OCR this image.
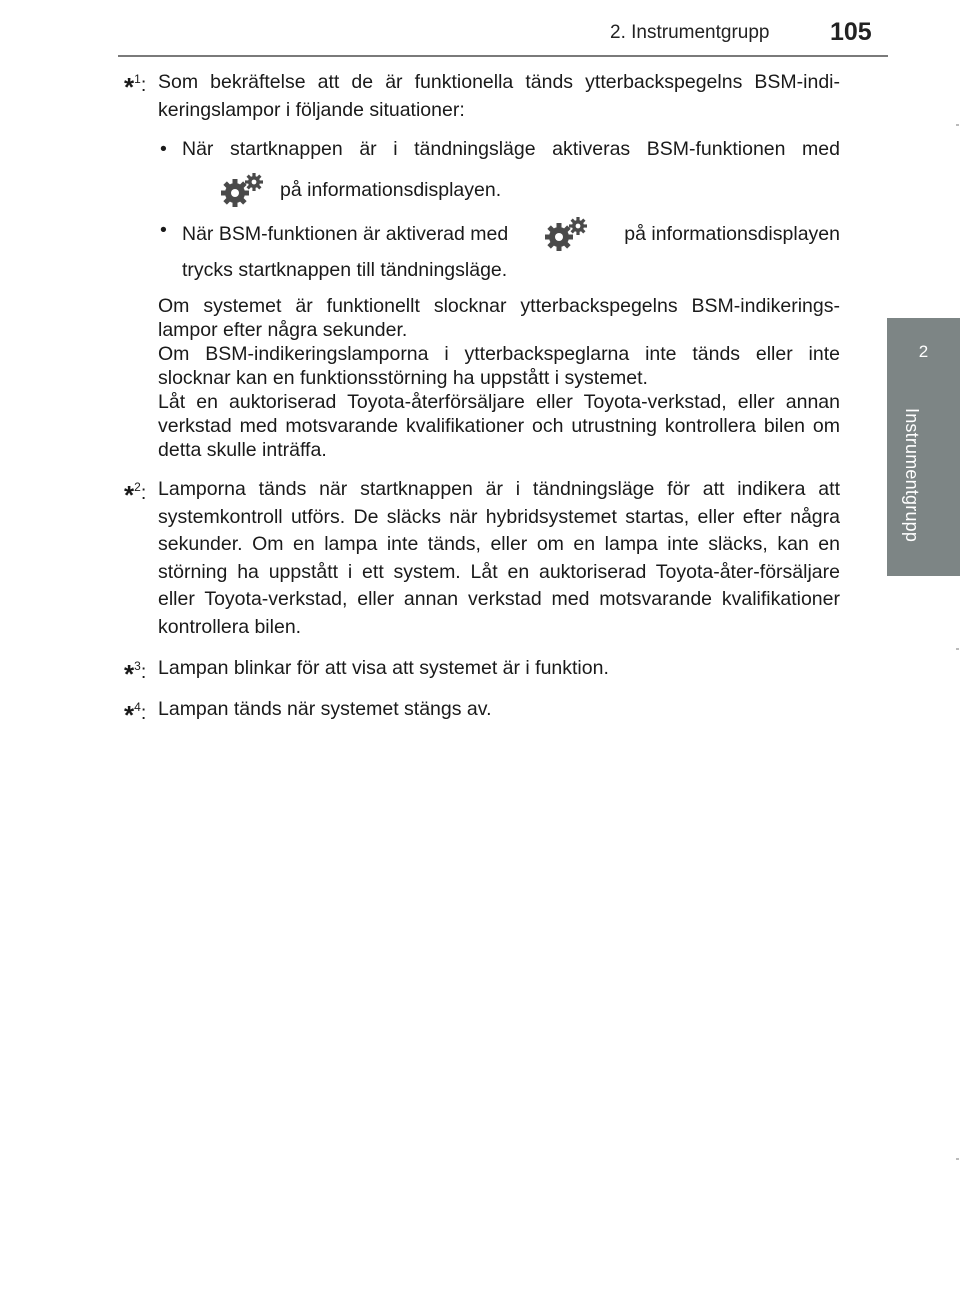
2. Instrumentgrupp 105
2
Instrumentgrupp
*$^1$: Som bekräftelse att de är funktionella tänds ytterbackspegelns BSM-indi-keringslampor i följande situationer:

• När startknappen är i tändningsläge aktiveras BSM-funktionen med
på informationsdisplayen.
• När BSM-funktionen är aktiverad med	på informationsdisplayen
trycks startknappen till tändningsläge.

Om systemet är funktionellt slocknar ytterbackspegelns BSM-indikerings-lampor efter några sekunder.

Om BSM-indikeringslamporna i ytterbackspeglarna inte tänds eller inte slocknar kan en funktionsstörning ha uppstått i systemet.

Låt en auktoriserad Toyota-återförsäljare eller Toyota-verkstad, eller annan verkstad med motsvarande kvalifikationer och utrustning kontrollera bilen om detta skulle inträffa.

*$^2$: Lamporna tänds när startknappen är i tändningsläge för att indikera att systemkontroll utförs. De släcks när hybridsystemet startas, eller efter några sekunder. Om en lampa inte tänds, eller om en lampa inte släcks, kan en störning ha uppstått i ett system. Låt en auktoriserad Toyota-åter-försäljare eller Toyota-verkstad, eller annan verkstad med motsvarande kvalifikationer kontrollera bilen.

*$^3$: Lampan blinkar för att visa att systemet är i funktion.

*$^4$: Lampan tänds när systemet stängs av.
